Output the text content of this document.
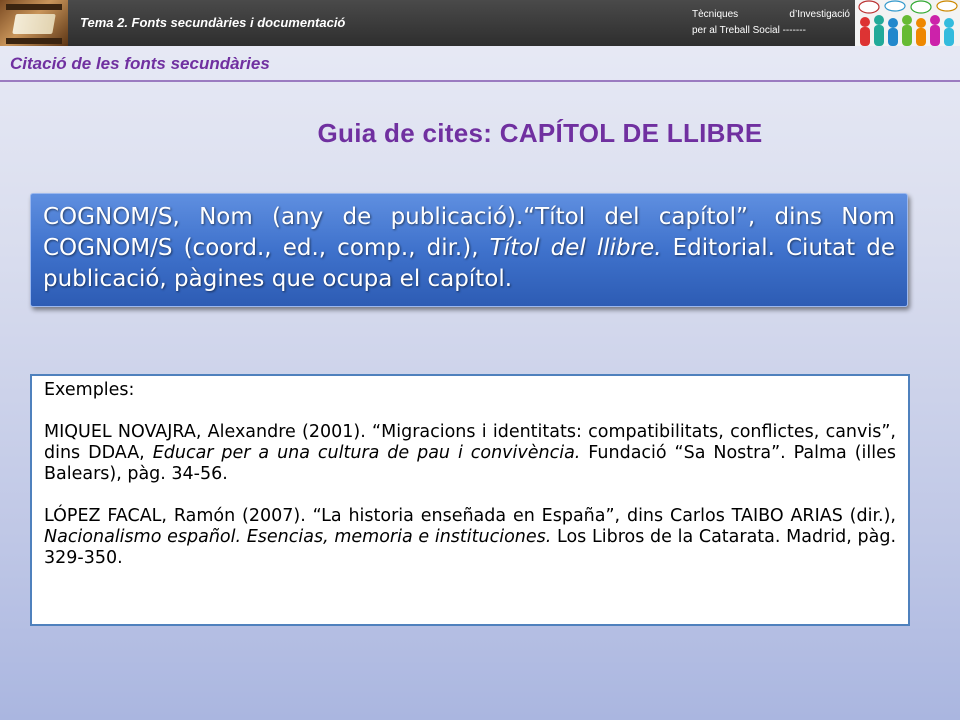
Tema 2. Fonts secundàries i documentació
Tècniques	d’Investigació
per al Treball Social -------
Citació de les fonts secundàries
Guia de cites: CAPÍTOL DE LLIBRE
COGNOM/S, Nom (any de publicació).“Títol del capítol”, dins Nom COGNOM/S (coord., ed., comp., dir.), Títol del llibre. Editorial. Ciutat de publicació, pàgines que ocupa el capítol.

Exemples:

MIQUEL NOVAJRA, Alexandre (2001). “Migracions i identitats: compatibilitats, conflictes, canvis”, dins DDAA, Educar per a una cultura de pau i convivència. Fundació “Sa Nostra”. Palma (illes Balears), pàg. 34-56.

LÓPEZ FACAL, Ramón (2007). “La historia enseñada en España”, dins Carlos TAIBO ARIAS (dir.), Nacionalismo español. Esencias, memoria e instituciones. Los Libros de la Catarata. Madrid, pàg. 329-350.
